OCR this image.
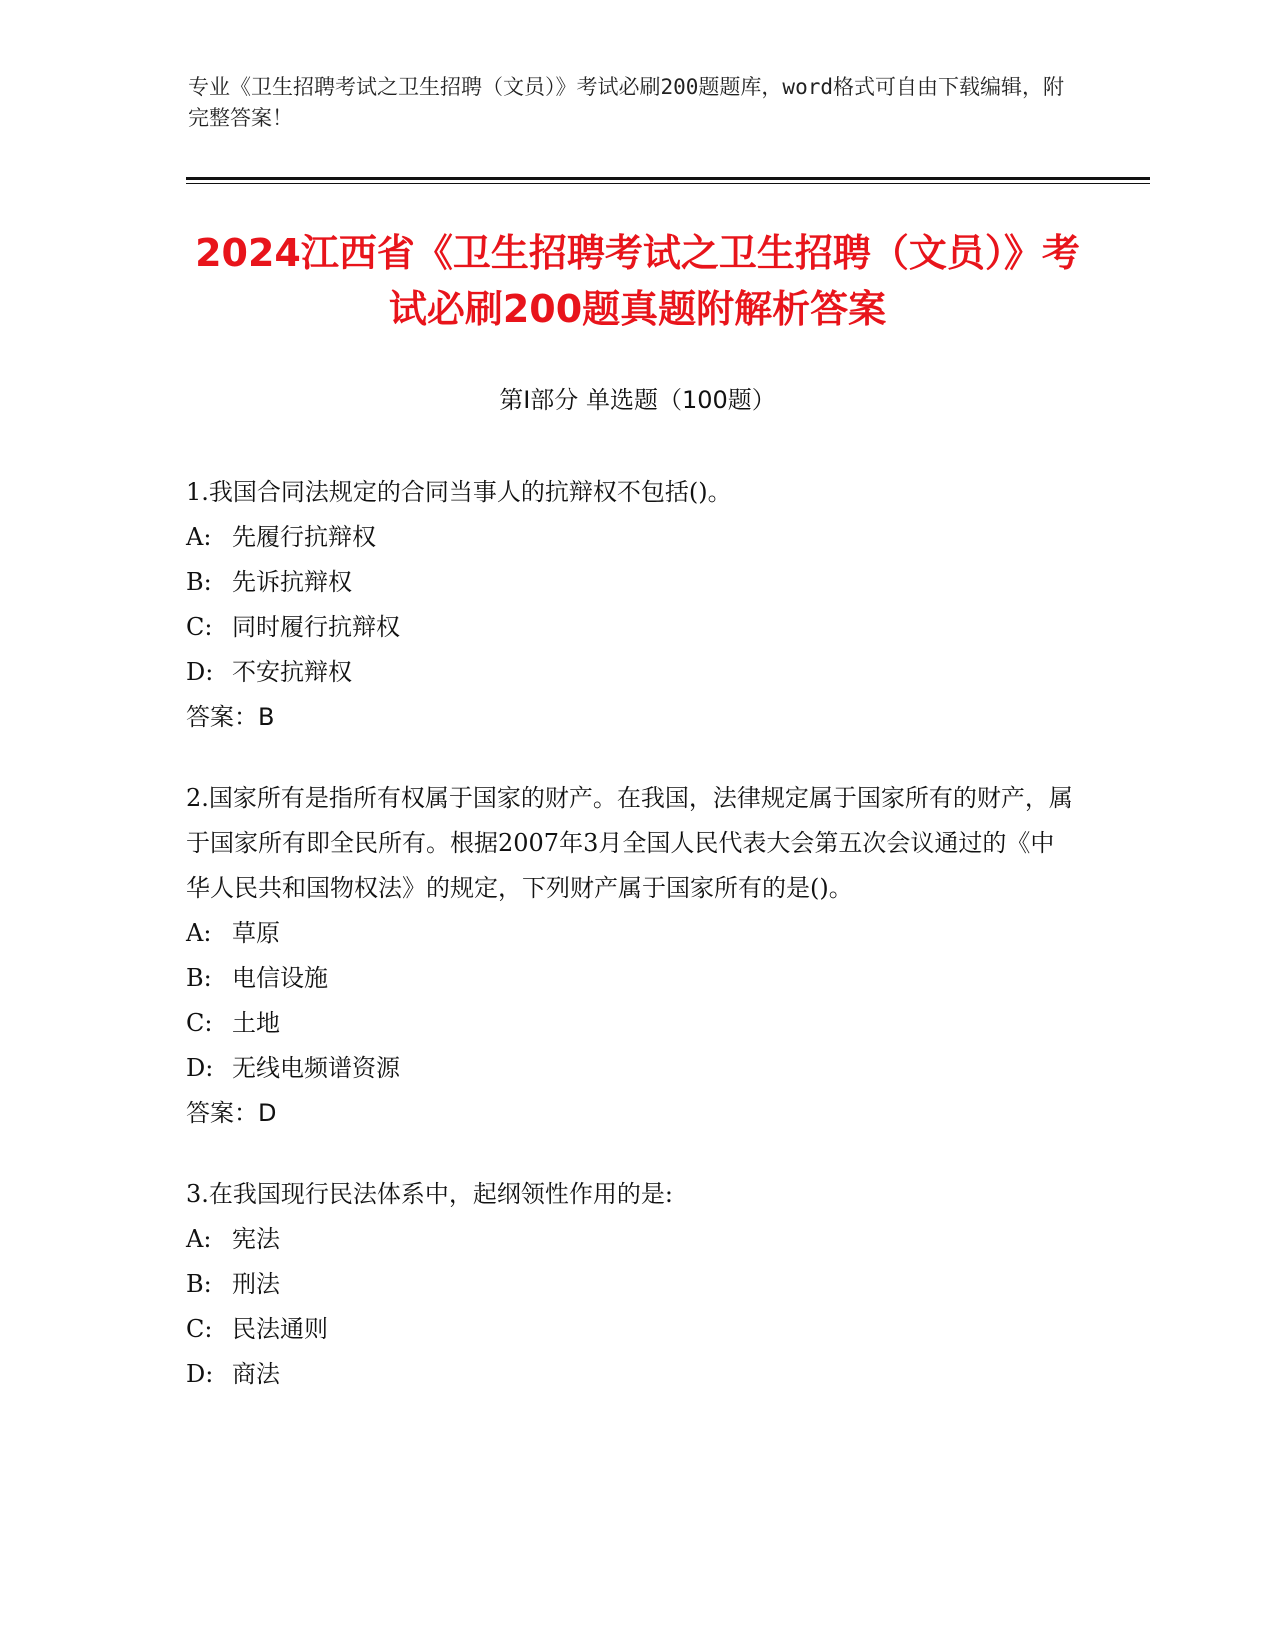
专业《卫生招聘考试之卫生招聘（文员）》考试必刷200题题库，word格式可自由下载编辑，附完整答案！
2024江西省《卫生招聘考试之卫生招聘（文员）》考试必刷200题真题附解析答案
第Ⅰ部分 单选题（100题）
1.我国合同法规定的合同当事人的抗辩权不包括()。
A: 先履行抗辩权
B: 先诉抗辩权
C: 同时履行抗辩权
D: 不安抗辩权
答案：B
2.国家所有是指所有权属于国家的财产。在我国，法律规定属于国家所有的财产，属于国家所有即全民所有。根据2007年3月全国人民代表大会第五次会议通过的《中华人民共和国物权法》的规定，下列财产属于国家所有的是()。
A: 草原
B: 电信设施
C: 土地
D: 无线电频谱资源
答案：D
3.在我国现行民法体系中，起纲领性作用的是:
A: 宪法
B: 刑法
C: 民法通则
D: 商法
